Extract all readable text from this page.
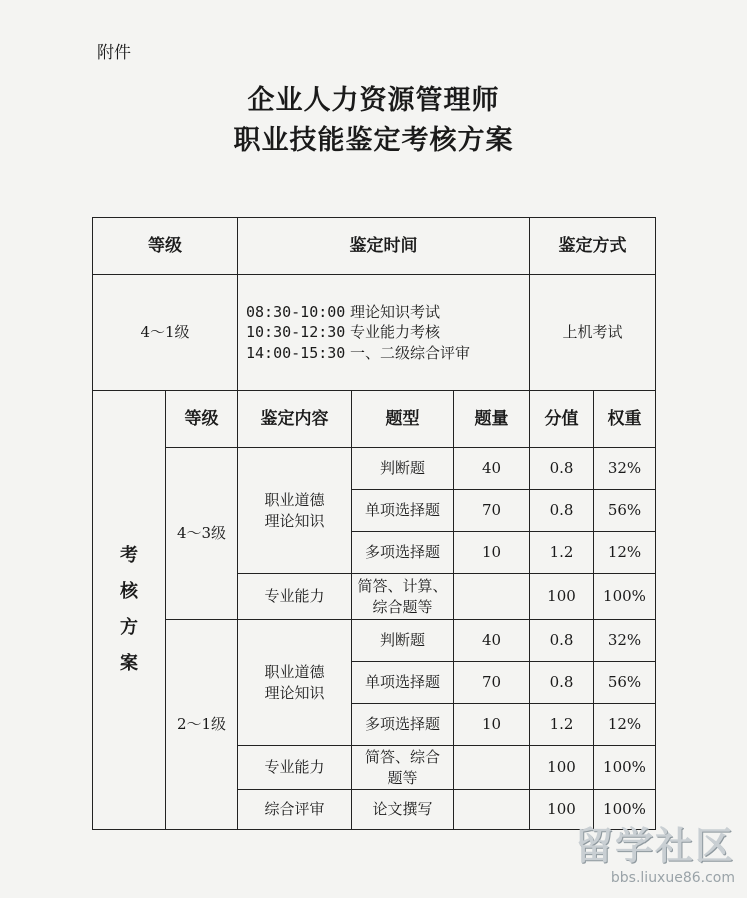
附件
企业人力资源管理师
职业技能鉴定考核方案
等级		鉴定时间			鉴定方式	
4～1级		08:30-10:00 理论知识考试
10:30-12:30 专业能力考核
14:00-15:30 一、二级综合评审			上机考试	
考核方案	等级	鉴定内容	题型	题量	分值	权重
	4～3级	职业道德
理论知识	判断题	40	0.8	32%
			单项选择题	70	0.8	56%
			多项选择题	10	1.2	12%
		专业能力	简答、计算、
综合题等		100	100%
	2～1级	职业道德
理论知识	判断题	40	0.8	32%
			单项选择题	70	0.8	56%
			多项选择题	10	1.2	12%
		专业能力	简答、综合
题等		100	100%
		综合评审	论文撰写		100	100%
留学社区
bbs.liuxue86.com
